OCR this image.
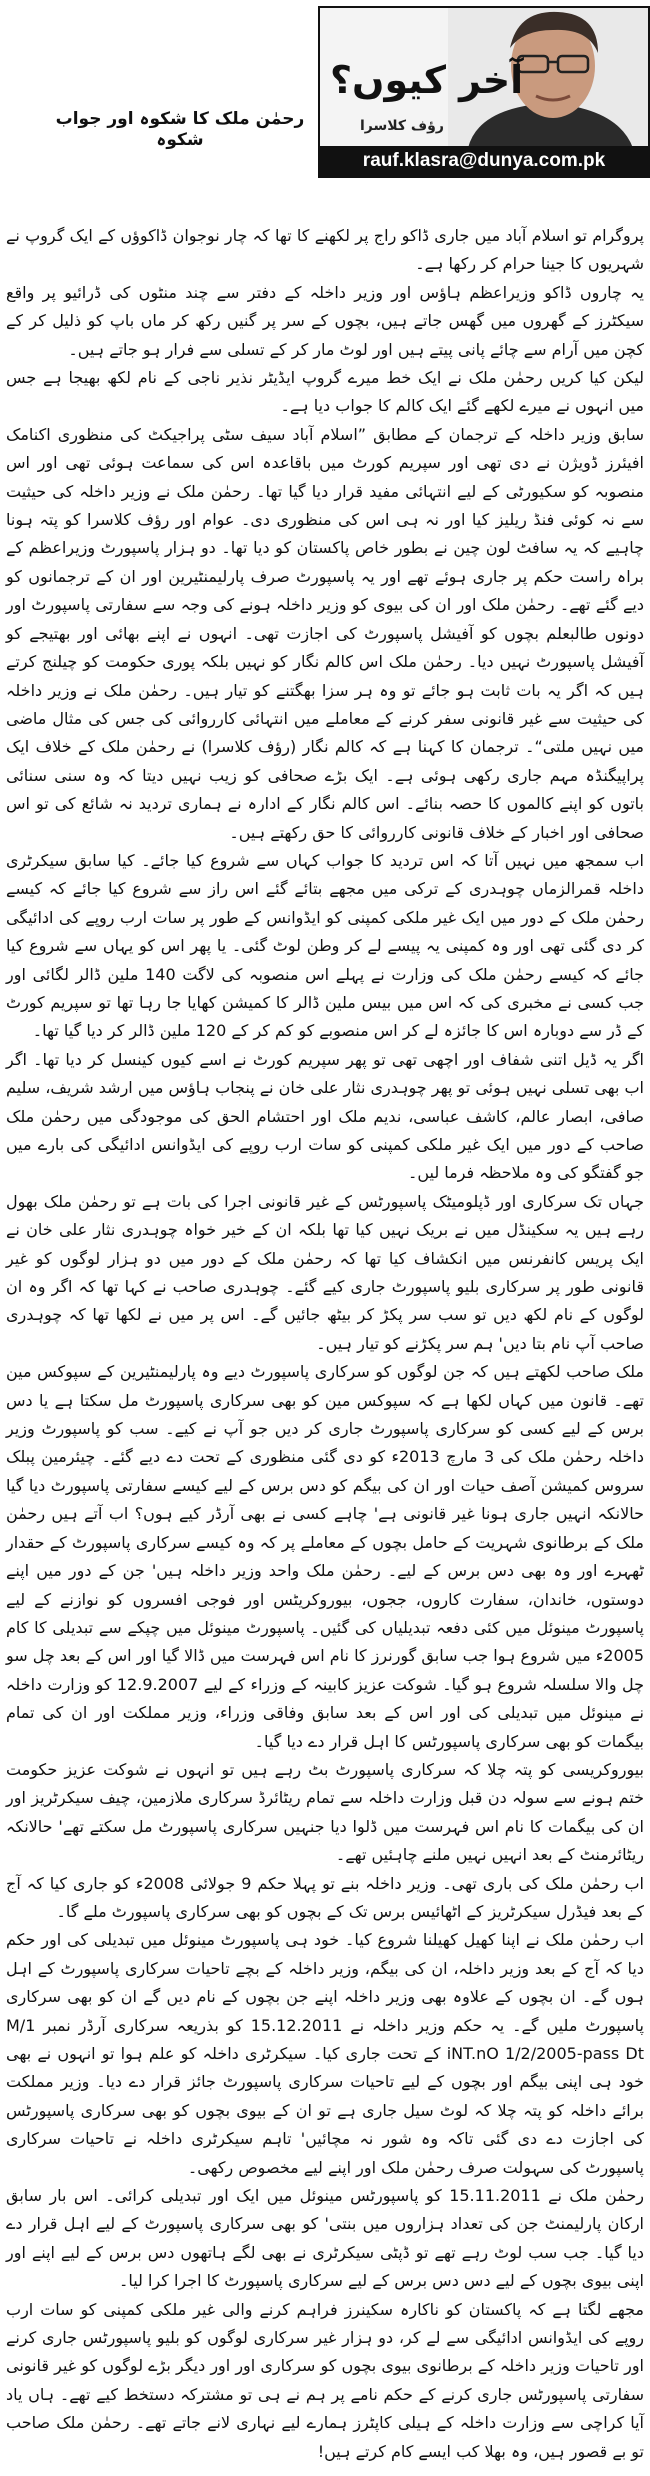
رحمٰن ملک کا شکوہ اور جواب شکوہ
آخر کیوں؟
رؤف کلاسرا
rauf.klasra@dunya.com.pk

پروگرام تو اسلام آباد میں جاری ڈاکو راج پر لکھنے کا تھا کہ چار نوجوان ڈاکوؤں کے ایک گروپ نے شہریوں کا جینا حرام کر رکھا ہے۔

یہ چاروں ڈاکو وزیراعظم ہاؤس اور وزیر داخلہ کے دفتر سے چند منٹوں کی ڈرائیو پر واقع سیکٹرز کے گھروں میں گھس جاتے ہیں، بچوں کے سر پر گنیں رکھ کر ماں باپ کو ذلیل کر کے کچن میں آرام سے چائے پانی پیتے ہیں اور لوٹ مار کر کے تسلی سے فرار ہو جاتے ہیں۔

لیکن کیا کریں رحمٰن ملک نے ایک خط میرے گروپ ایڈیٹر نذیر ناجی کے نام لکھ بھیجا ہے جس میں انہوں نے میرے لکھے گئے ایک کالم کا جواب دیا ہے۔

سابق وزیر داخلہ کے ترجمان کے مطابق ”اسلام آباد سیف سٹی پراجیکٹ کی منظوری اکنامک افیئرز ڈویژن نے دی تھی اور سپریم کورٹ میں باقاعدہ اس کی سماعت ہوئی تھی اور اس منصوبہ کو سکیورٹی کے لیے انتہائی مفید قرار دیا گیا تھا۔ رحمٰن ملک نے وزیر داخلہ کی حیثیت سے نہ کوئی فنڈ ریلیز کیا اور نہ ہی اس کی منظوری دی۔ عوام اور رؤف کلاسرا کو پتہ ہونا چاہیے کہ یہ سافٹ لون چین نے بطور خاص پاکستان کو دیا تھا۔ دو ہزار پاسپورٹ وزیراعظم کے براہ راست حکم پر جاری ہوئے تھے اور یہ پاسپورٹ صرف پارلیمنٹیرین اور ان کے ترجمانوں کو دیے گئے تھے۔ رحمٰن ملک اور ان کی بیوی کو وزیر داخلہ ہونے کی وجہ سے سفارتی پاسپورٹ اور دونوں طالبعلم بچوں کو آفیشل پاسپورٹ کی اجازت تھی۔ انہوں نے اپنے بھائی اور بھتیجے کو آفیشل پاسپورٹ نہیں دیا۔ رحمٰن ملک اس کالم نگار کو نہیں بلکہ پوری حکومت کو چیلنج کرتے ہیں کہ اگر یہ بات ثابت ہو جائے تو وہ ہر سزا بھگتنے کو تیار ہیں۔ رحمٰن ملک نے وزیر داخلہ کی حیثیت سے غیر قانونی سفر کرنے کے معاملے میں انتہائی کارروائی کی جس کی مثال ماضی میں نہیں ملتی“۔ ترجمان کا کہنا ہے کہ کالم نگار (رؤف کلاسرا) نے رحمٰن ملک کے خلاف ایک پراپیگنڈہ مہم جاری رکھی ہوئی ہے۔ ایک بڑے صحافی کو زیب نہیں دیتا کہ وہ سنی سنائی باتوں کو اپنے کالموں کا حصہ بنائے۔ اس کالم نگار کے ادارہ نے ہماری تردید نہ شائع کی تو اس صحافی اور اخبار کے خلاف قانونی کارروائی کا حق رکھتے ہیں۔

اب سمجھ میں نہیں آتا کہ اس تردید کا جواب کہاں سے شروع کیا جائے۔ کیا سابق سیکرٹری داخلہ قمرالزماں چوہدری کے ترکی میں مجھے بتائے گئے اس راز سے شروع کیا جائے کہ کیسے رحمٰن ملک کے دور میں ایک غیر ملکی کمپنی کو ایڈوانس کے طور پر سات ارب روپے کی ادائیگی کر دی گئی تھی اور وہ کمپنی یہ پیسے لے کر وطن لوٹ گئی۔ یا پھر اس کو یہاں سے شروع کیا جائے کہ کیسے رحمٰن ملک کی وزارت نے پہلے اس منصوبہ کی لاگت 140 ملین ڈالر لگائی اور جب کسی نے مخبری کی کہ اس میں بیس ملین ڈالر کا کمیشن کھایا جا رہا تھا تو سپریم کورٹ کے ڈر سے دوبارہ اس کا جائزہ لے کر اس منصوبے کو کم کر کے 120 ملین ڈالر کر دیا گیا تھا۔

اگر یہ ڈیل اتنی شفاف اور اچھی تھی تو پھر سپریم کورٹ نے اسے کیوں کینسل کر دیا تھا۔ اگر اب بھی تسلی نہیں ہوئی تو پھر چوہدری نثار علی خان نے پنجاب ہاؤس میں ارشد شریف، سلیم صافی، ابصار عالم، کاشف عباسی، ندیم ملک اور احتشام الحق کی موجودگی میں رحمٰن ملک صاحب کے دور میں ایک غیر ملکی کمپنی کو سات ارب روپے کی ایڈوانس ادائیگی کی بارے میں جو گفتگو کی وہ ملاحظہ فرما لیں۔

جہاں تک سرکاری اور ڈپلومیٹک پاسپورٹس کے غیر قانونی اجرا کی بات ہے تو رحمٰن ملک بھول رہے ہیں یہ سکینڈل میں نے بریک نہیں کیا تھا بلکہ ان کے خیر خواہ چوہدری نثار علی خان نے ایک پریس کانفرنس میں انکشاف کیا تھا کہ رحمٰن ملک کے دور میں دو ہزار لوگوں کو غیر قانونی طور پر سرکاری بلیو پاسپورٹ جاری کیے گئے۔ چوہدری صاحب نے کہا تھا کہ اگر وہ ان لوگوں کے نام لکھ دیں تو سب سر پکڑ کر بیٹھ جائیں گے۔ اس پر میں نے لکھا تھا کہ چوہدری صاحب آپ نام بتا دیں' ہم سر پکڑنے کو تیار ہیں۔

ملک صاحب لکھتے ہیں کہ جن لوگوں کو سرکاری پاسپورٹ دیے وہ پارلیمنٹیرین کے سپوکس مین تھے۔ قانون میں کہاں لکھا ہے کہ سپوکس مین کو بھی سرکاری پاسپورٹ مل سکتا ہے یا دس برس کے لیے کسی کو سرکاری پاسپورٹ جاری کر دیں جو آپ نے کیے۔ سب کو پاسپورٹ وزیر داخلہ رحمٰن ملک کی 3 مارچ 2013ء کو دی گئی منظوری کے تحت دے دیے گئے۔ چیئرمین پبلک سروس کمیشن آصف حیات اور ان کی بیگم کو دس برس کے لیے کیسے سفارتی پاسپورٹ دیا گیا حالانکہ انہیں جاری ہونا غیر قانونی ہے' چاہے کسی نے بھی آرڈر کیے ہوں؟ اب آتے ہیں رحمٰن ملک کے برطانوی شہریت کے حامل بچوں کے معاملے پر کہ وہ کیسے سرکاری پاسپورٹ کے حقدار ٹھہرے اور وہ بھی دس برس کے لیے۔ رحمٰن ملک واحد وزیر داخلہ ہیں' جن کے دور میں اپنے دوستوں، خاندان، سفارت کاروں، ججوں، بیوروکریٹس اور فوجی افسروں کو نوازنے کے لیے پاسپورٹ مینوئل میں کئی دفعہ تبدیلیاں کی گئیں۔ پاسپورٹ مینوئل میں چپکے سے تبدیلی کا کام 2005ء میں شروع ہوا جب سابق گورنرز کا نام اس فہرست میں ڈالا گیا اور اس کے بعد چل سو چل والا سلسلہ شروع ہو گیا۔ شوکت عزیز کابینہ کے وزراء کے لیے 12.9.2007 کو وزارت داخلہ نے مینوئل میں تبدیلی کی اور اس کے بعد سابق وفاقی وزراء، وزیر مملکت اور ان کی تمام بیگمات کو بھی سرکاری پاسپورٹس کا اہل قرار دے دیا گیا۔

بیوروکریسی کو پتہ چلا کہ سرکاری پاسپورٹ بٹ رہے ہیں تو انہوں نے شوکت عزیز حکومت ختم ہونے سے سولہ دن قبل وزارت داخلہ سے تمام ریٹائرڈ سرکاری ملازمین، چیف سیکرٹریز اور ان کی بیگمات کا نام اس فہرست میں ڈلوا دیا جنہیں سرکاری پاسپورٹ مل سکتے تھے' حالانکہ ریٹائرمنٹ کے بعد انہیں نہیں ملنے چاہئیں تھے۔

اب رحمٰن ملک کی باری تھی۔ وزیر داخلہ بنے تو پہلا حکم 9 جولائی 2008ء کو جاری کیا کہ آج کے بعد فیڈرل سیکرٹریز کے اٹھائیس برس تک کے بچوں کو بھی سرکاری پاسپورٹ ملے گا۔

اب رحمٰن ملک نے اپنا کھیل کھیلنا شروع کیا۔ خود ہی پاسپورٹ مینوئل میں تبدیلی کی اور حکم دیا کہ آج کے بعد وزیر داخلہ، ان کی بیگم، وزیر داخلہ کے بچے تاحیات سرکاری پاسپورٹ کے اہل ہوں گے۔ ان بچوں کے علاوہ بھی وزیر داخلہ اپنے جن بچوں کے نام دیں گے ان کو بھی سرکاری پاسپورٹ ملیں گے۔ یہ حکم وزیر داخلہ نے 15.12.2011 کو بذریعہ سرکاری آرڈر نمبر M/1 iNT.nO 1/2/2005-pass Dt کے تحت جاری کیا۔ سیکرٹری داخلہ کو علم ہوا تو انہوں نے بھی خود ہی اپنی بیگم اور بچوں کے لیے تاحیات سرکاری پاسپورٹ جائز قرار دے دیا۔ وزیر مملکت برائے داخلہ کو پتہ چلا کہ لوٹ سیل جاری ہے تو ان کے بیوی بچوں کو بھی سرکاری پاسپورٹس کی اجازت دے دی گئی تاکہ وہ شور نہ مچائیں' تاہم سیکرٹری داخلہ نے تاحیات سرکاری پاسپورٹ کی سہولت صرف رحمٰن ملک اور اپنے لیے مخصوص رکھی۔

رحمٰن ملک نے 15.11.2011 کو پاسپورٹس مینوئل میں ایک اور تبدیلی کرائی۔ اس بار سابق ارکان پارلیمنٹ جن کی تعداد ہزاروں میں بنتی' کو بھی سرکاری پاسپورٹ کے لیے اہل قرار دے دیا گیا۔ جب سب لوٹ رہے تھے تو ڈپٹی سیکرٹری نے بھی لگے ہاتھوں دس برس کے لیے اپنے اور اپنی بیوی بچوں کے لیے دس دس برس کے لیے سرکاری پاسپورٹ کا اجرا کرا لیا۔

مجھے لگتا ہے کہ پاکستان کو ناکارہ سکینرز فراہم کرنے والی غیر ملکی کمپنی کو سات ارب روپے کی ایڈوانس ادائیگی سے لے کر، دو ہزار غیر سرکاری لوگوں کو بلیو پاسپورٹس جاری کرنے اور تاحیات وزیر داخلہ کے برطانوی بیوی بچوں کو سرکاری اور اور دیگر بڑے لوگوں کو غیر قانونی سفارتی پاسپورٹس جاری کرنے کے حکم نامے پر ہم نے ہی تو مشترکہ دستخط کیے تھے۔ ہاں یاد آیا کراچی سے وزارت داخلہ کے ہیلی کاپٹرز ہمارے لیے نہاری لانے جاتے تھے۔ رحمٰن ملک صاحب تو بے قصور ہیں، وہ بھلا کب ایسے کام کرتے ہیں!
